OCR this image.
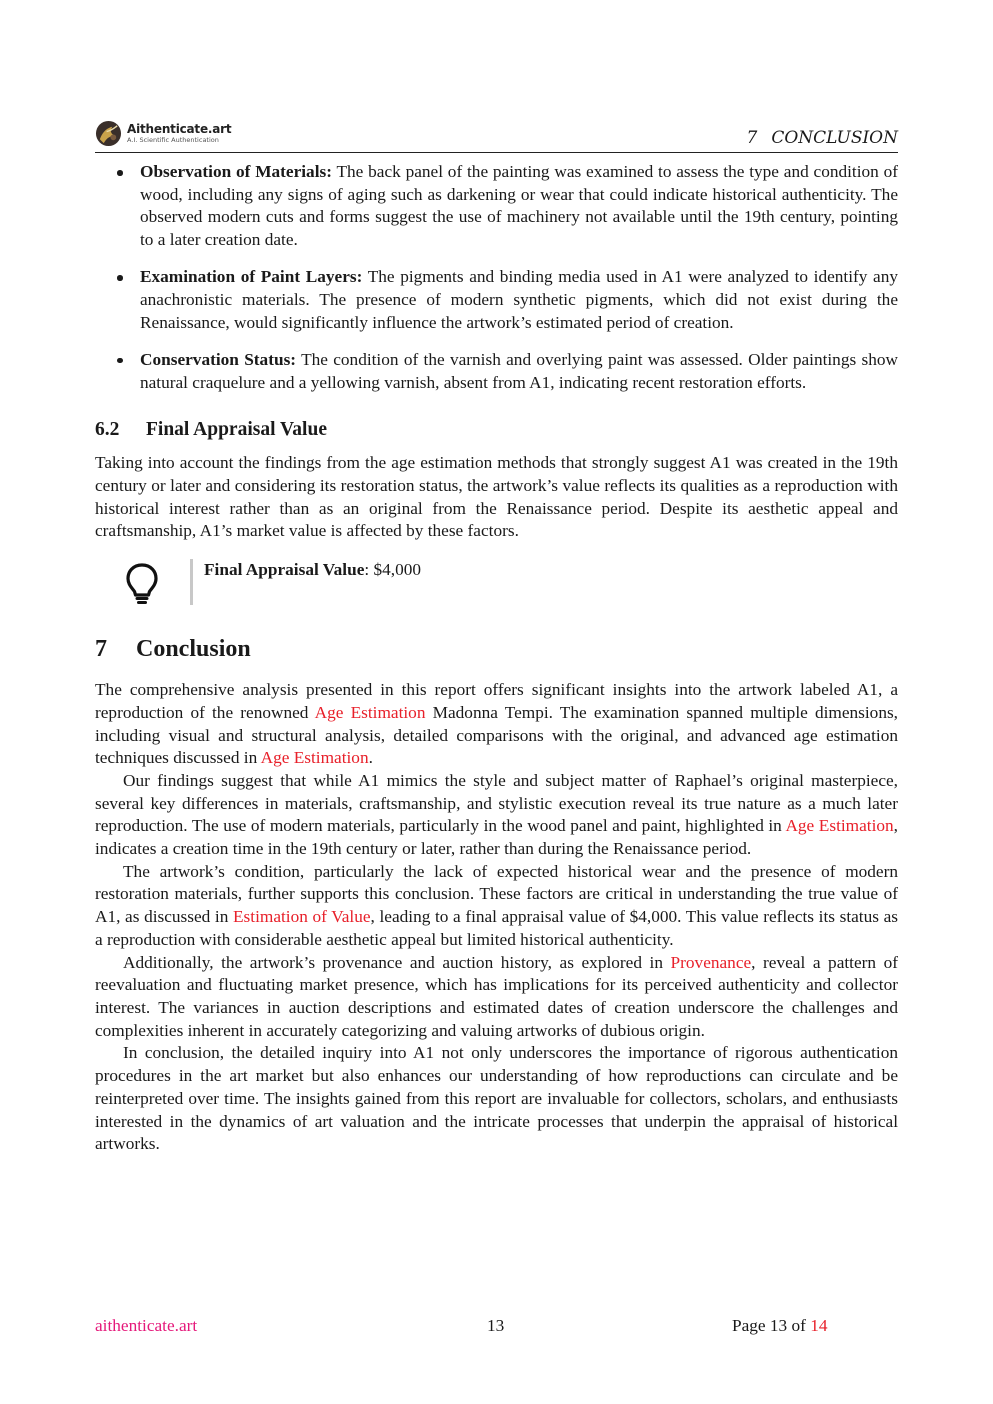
Aithenticate.art
A.I. Scientific Authentication	7 CONCLUSION
Observation of Materials: The back panel of the painting was examined to assess the type and condition of wood, including any signs of aging such as darkening or wear that could indicate historical authenticity. The observed modern cuts and forms suggest the use of machinery not available until the 19th century, pointing to a later creation date.
Examination of Paint Layers: The pigments and binding media used in A1 were analyzed to identify any anachronistic materials. The presence of modern synthetic pigments, which did not exist during the Renaissance, would significantly influence the artwork’s estimated period of creation.
Conservation Status: The condition of the varnish and overlying paint was assessed. Older paintings show natural craquelure and a yellowing varnish, absent from A1, indicating recent restoration efforts.
6.2 Final Appraisal Value

Taking into account the findings from the age estimation methods that strongly suggest A1 was created in the 19th century or later and considering its restoration status, the artwork’s value reflects its qualities as a reproduction with historical interest rather than as an original from the Renaissance period. Despite its aesthetic appeal and craftsmanship, A1’s market value is affected by these factors.

Final Appraisal Value: $4,000
7 Conclusion

The comprehensive analysis presented in this report offers significant insights into the artwork labeled A1, a reproduction of the renowned Age Estimation Madonna Tempi. The examination spanned multiple dimensions, including visual and structural analysis, detailed comparisons with the original, and advanced age estimation techniques discussed in Age Estimation.

Our findings suggest that while A1 mimics the style and subject matter of Raphael’s original masterpiece, several key differences in materials, craftsmanship, and stylistic execution reveal its true nature as a much later reproduction. The use of modern materials, particularly in the wood panel and paint, highlighted in Age Estimation, indicates a creation time in the 19th century or later, rather than during the Renaissance period.

The artwork’s condition, particularly the lack of expected historical wear and the presence of modern restoration materials, further supports this conclusion. These factors are critical in understanding the true value of A1, as discussed in Estimation of Value, leading to a final appraisal value of $4,000. This value reflects its status as a reproduction with considerable aesthetic appeal but limited historical authenticity.

Additionally, the artwork’s provenance and auction history, as explored in Provenance, reveal a pattern of reevaluation and fluctuating market presence, which has implications for its perceived authenticity and collector interest. The variances in auction descriptions and estimated dates of creation underscore the challenges and complexities inherent in accurately categorizing and valuing artworks of dubious origin.

In conclusion, the detailed inquiry into A1 not only underscores the importance of rigorous authentication procedures in the art market but also enhances our understanding of how reproductions can circulate and be reinterpreted over time. The insights gained from this report are invaluable for collectors, scholars, and enthusiasts interested in the dynamics of art valuation and the intricate processes that underpin the appraisal of historical artworks.

aithenticate.art	13	Page 13 of 14
